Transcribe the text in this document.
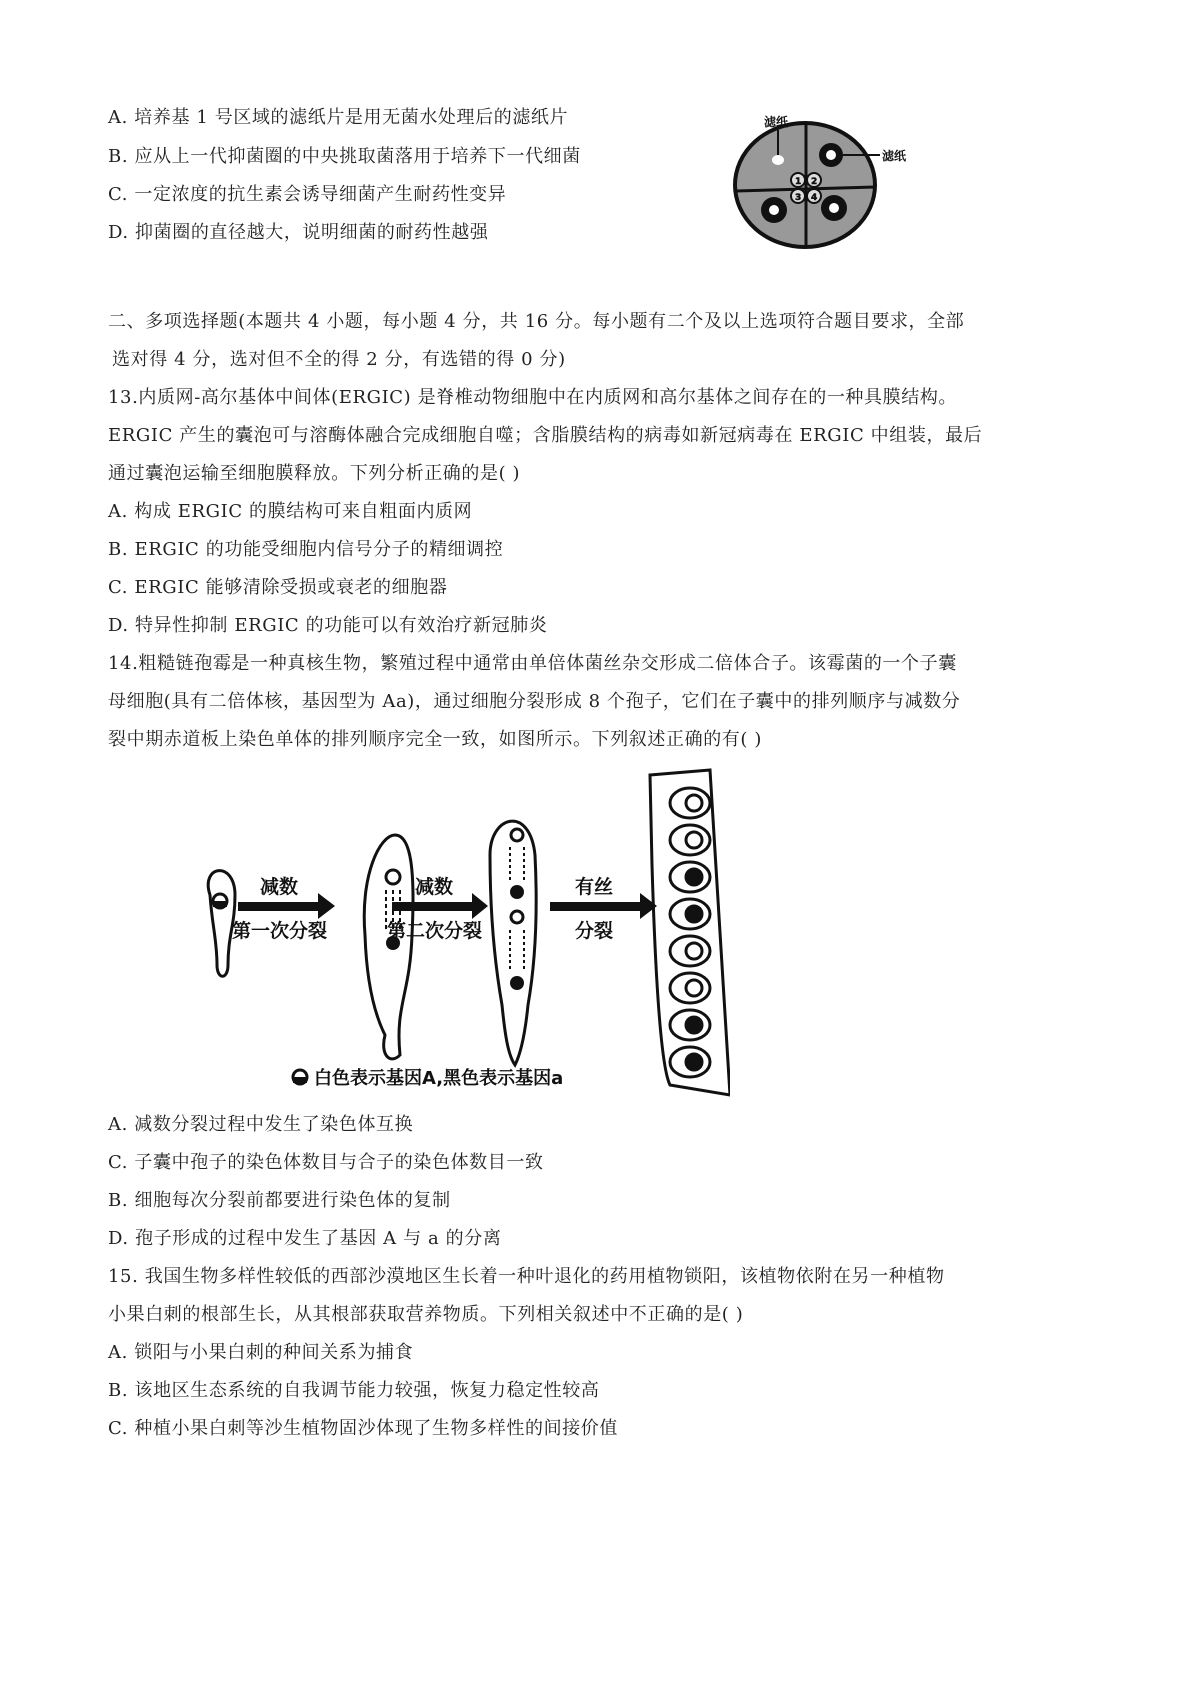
A. 培养基 1 号区域的滤纸片是用无菌水处理后的滤纸片
B. 应从上一代抑菌圈的中央挑取菌落用于培养下一代细菌
C. 一定浓度的抗生素会诱导细菌产生耐药性变异
D. 抑菌圈的直径越大，说明细菌的耐药性越强
滤纸
滤纸
1 2
3 4
二、多项选择题(本题共 4 小题，每小题 4 分，共 16 分。每小题有二个及以上选项符合题目要求，全部
选对得 4 分，选对但不全的得 2 分，有选错的得 0 分)
13.内质网-高尔基体中间体(ERGIC) 是脊椎动物细胞中在内质网和高尔基体之间存在的一种具膜结构。
ERGIC 产生的囊泡可与溶酶体融合完成细胞自噬；含脂膜结构的病毒如新冠病毒在 ERGIC 中组装，最后
通过囊泡运输至细胞膜释放。下列分析正确的是( )
A. 构成 ERGIC 的膜结构可来自粗面内质网
B. ERGIC 的功能受细胞内信号分子的精细调控
C. ERGIC 能够清除受损或衰老的细胞器
D. 特异性抑制 ERGIC 的功能可以有效治疗新冠肺炎
14.粗糙链孢霉是一种真核生物，繁殖过程中通常由单倍体菌丝杂交形成二倍体合子。该霉菌的一个子囊
母细胞(具有二倍体核，基因型为 Aa)，通过细胞分裂形成 8 个孢子，它们在子囊中的排列顺序与减数分
裂中期赤道板上染色单体的排列顺序完全一致，如图所示。下列叙述正确的有( )
减数
第一次分裂
减数
第二次分裂
有丝
分裂
白色表示基因A,黑色表示基因a
A. 减数分裂过程中发生了染色体互换
C. 子囊中孢子的染色体数目与合子的染色体数目一致
B. 细胞每次分裂前都要进行染色体的复制
D. 孢子形成的过程中发生了基因 A 与 a 的分离
15. 我国生物多样性较低的西部沙漠地区生长着一种叶退化的药用植物锁阳，该植物依附在另一种植物
小果白刺的根部生长，从其根部获取营养物质。下列相关叙述中不正确的是( )
A. 锁阳与小果白刺的种间关系为捕食
B. 该地区生态系统的自我调节能力较强，恢复力稳定性较高
C. 种植小果白刺等沙生植物固沙体现了生物多样性的间接价值
